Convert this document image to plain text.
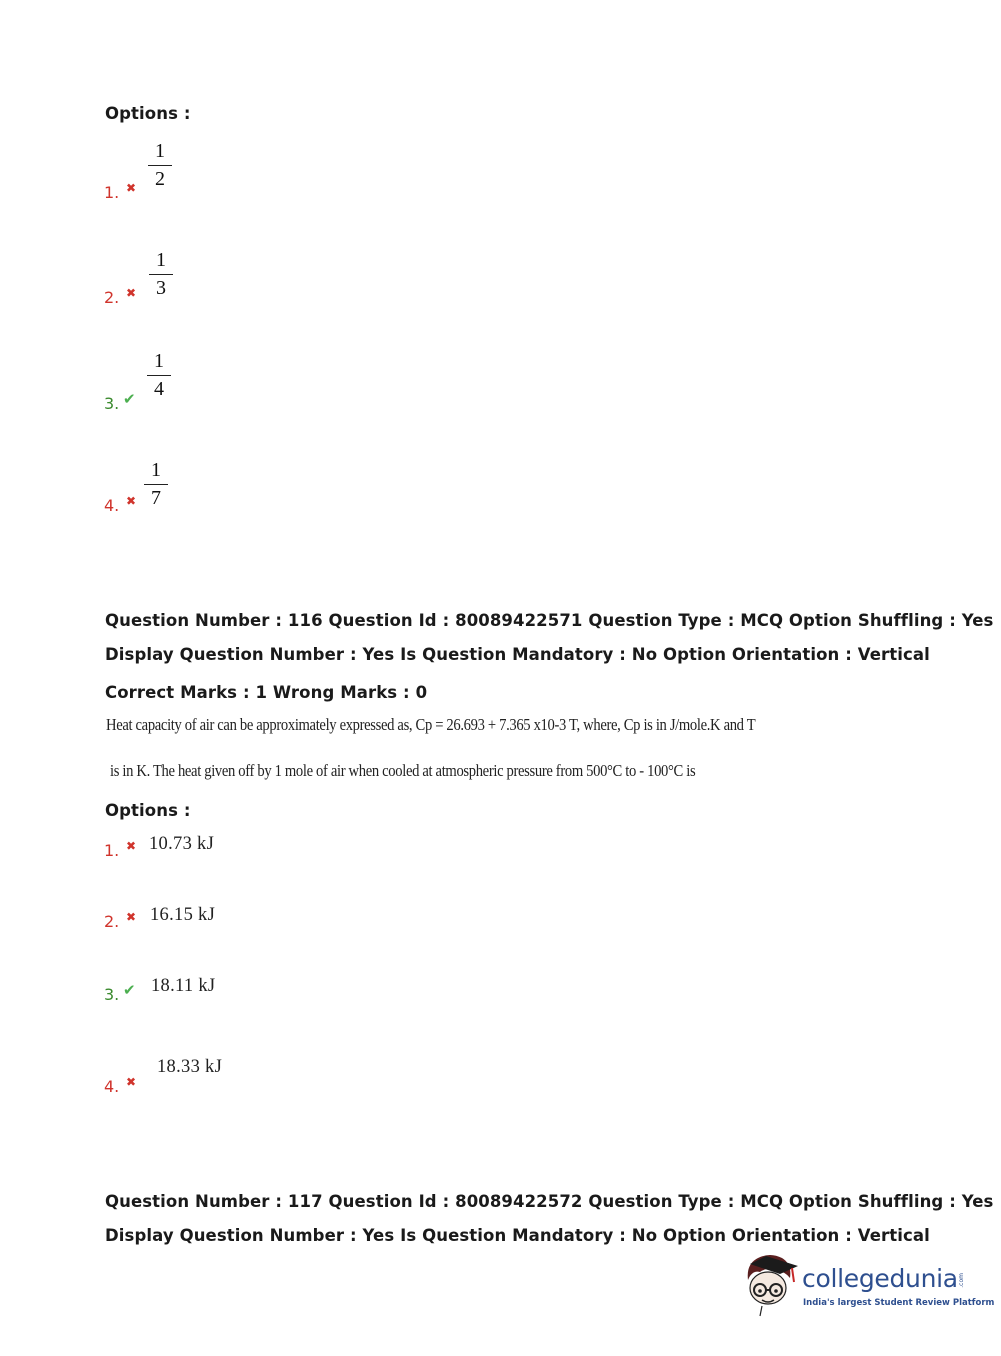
Options :
1. ✖
1
2
2. ✖
1
3
3. ✔
1
4
4. ✖
1
7
Question Number : 116 Question Id : 80089422571 Question Type : MCQ Option Shuffling : Yes
Display Question Number : Yes Is Question Mandatory : No Option Orientation : Vertical
Correct Marks : 1 Wrong Marks : 0
Heat capacity of air can be approximately expressed as, Cp = 26.693 + 7.365 x10-3 T, where, Cp is in J/mole.K and T
is in K. The heat given off by 1 mole of air when cooled at atmospheric pressure from 500°C to - 100°C is
Options :
1. ✖ 10.73 kJ
2. ✖ 16.15 kJ
3. ✔ 18.11 kJ
4. ✖
18.33 kJ
Question Number : 117 Question Id : 80089422572 Question Type : MCQ Option Shuffling : Yes
Display Question Number : Yes Is Question Mandatory : No Option Orientation : Vertical
collegedunia .com
India's largest Student Review Platform
